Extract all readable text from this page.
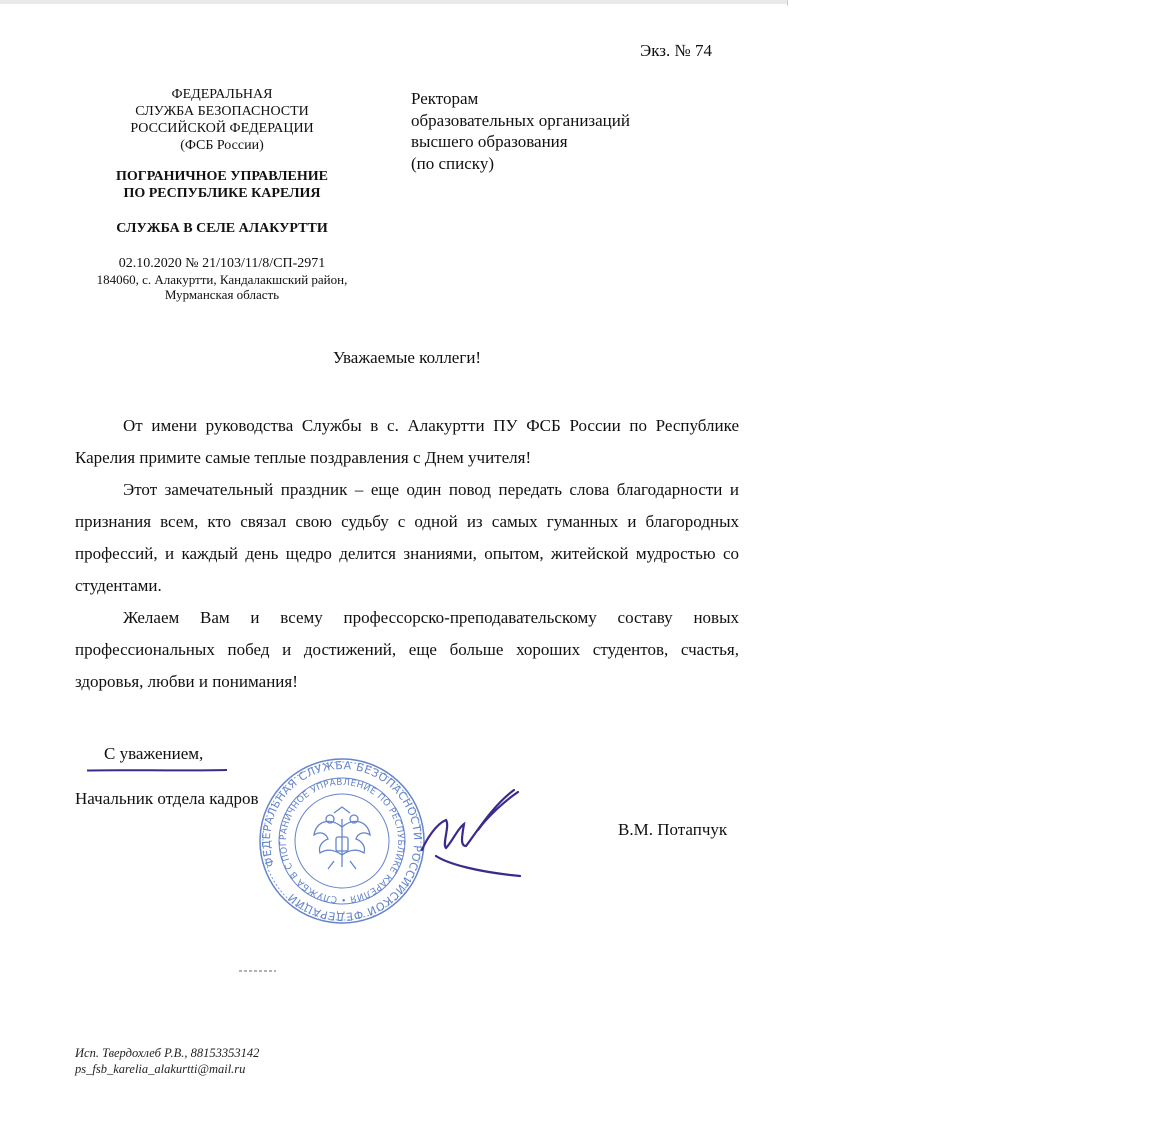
Экз. № 74
ФЕДЕРАЛЬНАЯ
СЛУЖБА БЕЗОПАСНОСТИ
РОССИЙСКОЙ ФЕДЕРАЦИИ
(ФСБ России)
ПОГРАНИЧНОЕ УПРАВЛЕНИЕ
ПО РЕСПУБЛИКЕ КАРЕЛИЯ
СЛУЖБА В СЕЛЕ АЛАКУРТТИ
02.10.2020 № 21/103/11/8/СП-2971
184060, с. Алакуртти, Кандалакшский район,
Мурманская область
Ректорам
образовательных организаций
высшего образования
(по списку)
Уважаемые коллеги!

От имени руководства Службы в с. Алакуртти ПУ ФСБ России по Республике Карелия примите самые теплые поздравления с Днем учителя!

Этот замечательный праздник – еще один повод передать слова благодарности и признания всем, кто связал свою судьбу с одной из самых гуманных и благородных профессий, и каждый день щедро делится знаниями, опытом, житейской мудростью со студентами.

Желаем Вам и всему профессорско-преподавательскому составу новых профессиональных побед и достижений, еще больше хороших студентов, счастья, здоровья, любви и понимания!

С уважением,
Начальник отдела кадров
В.М. Потапчук
ФЕДЕРАЛЬНАЯ СЛУЖБА БЕЗОПАСНОСТИ РОССИЙСКОЙ ФЕДЕРАЦИИ
ПОГРАНИЧНОЕ УПРАВЛЕНИЕ ПО РЕСПУБЛИКЕ КАРЕЛИЯ • СЛУЖБА В СЕЛЕ
Исп. Твердохлеб Р.В., 88153353142
ps_fsb_karelia_alakurtti@mail.ru
